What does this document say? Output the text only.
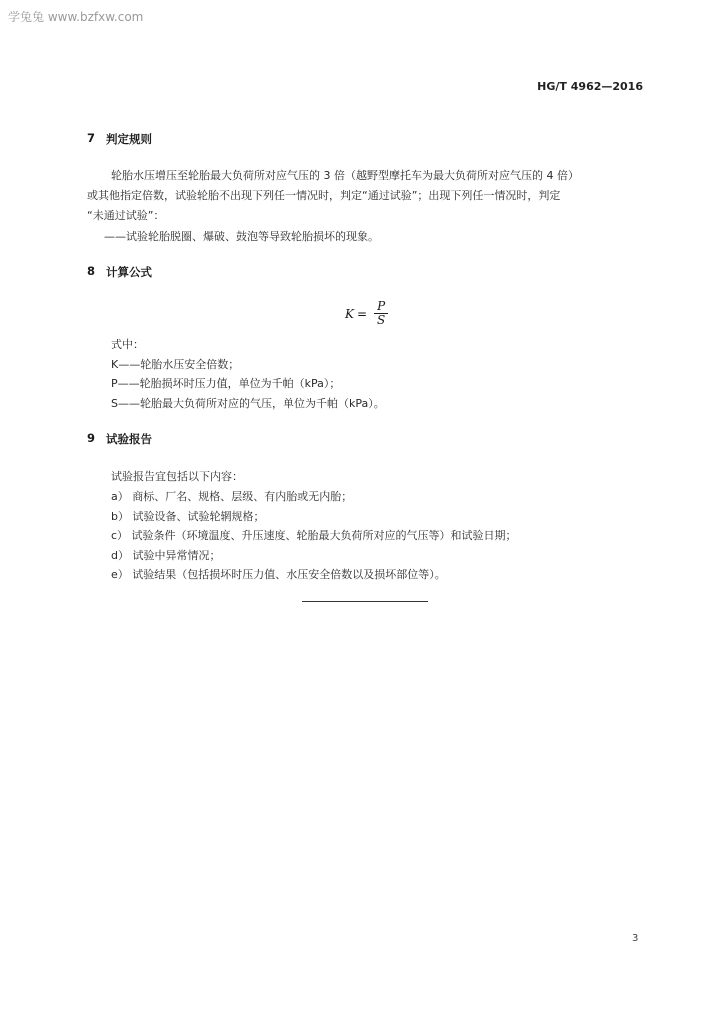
学兔兔 www.bzfxw.com
HG/T 4962—2016
7 判定规则
轮胎水压增压至轮胎最大负荷所对应气压的 3 倍（越野型摩托车为最大负荷所对应气压的 4 倍）
或其他指定倍数，试验轮胎不出现下列任一情况时，判定“通过试验”；出现下列任一情况时，判定
“未通过试验”：
——试验轮胎脱圈、爆破、鼓泡等导致轮胎损坏的现象。
8 计算公式
$K = \frac{P}{S}$
式中：
K——轮胎水压安全倍数；
P——轮胎损坏时压力值，单位为千帕（kPa）；
S——轮胎最大负荷所对应的气压，单位为千帕（kPa）。
9 试验报告
试验报告宜包括以下内容：
a） 商标、厂名、规格、层级、有内胎或无内胎；
b） 试验设备、试验轮辋规格；
c） 试验条件（环境温度、升压速度、轮胎最大负荷所对应的气压等）和试验日期；
d） 试验中异常情况；
e） 试验结果（包括损坏时压力值、水压安全倍数以及损坏部位等）。
3
